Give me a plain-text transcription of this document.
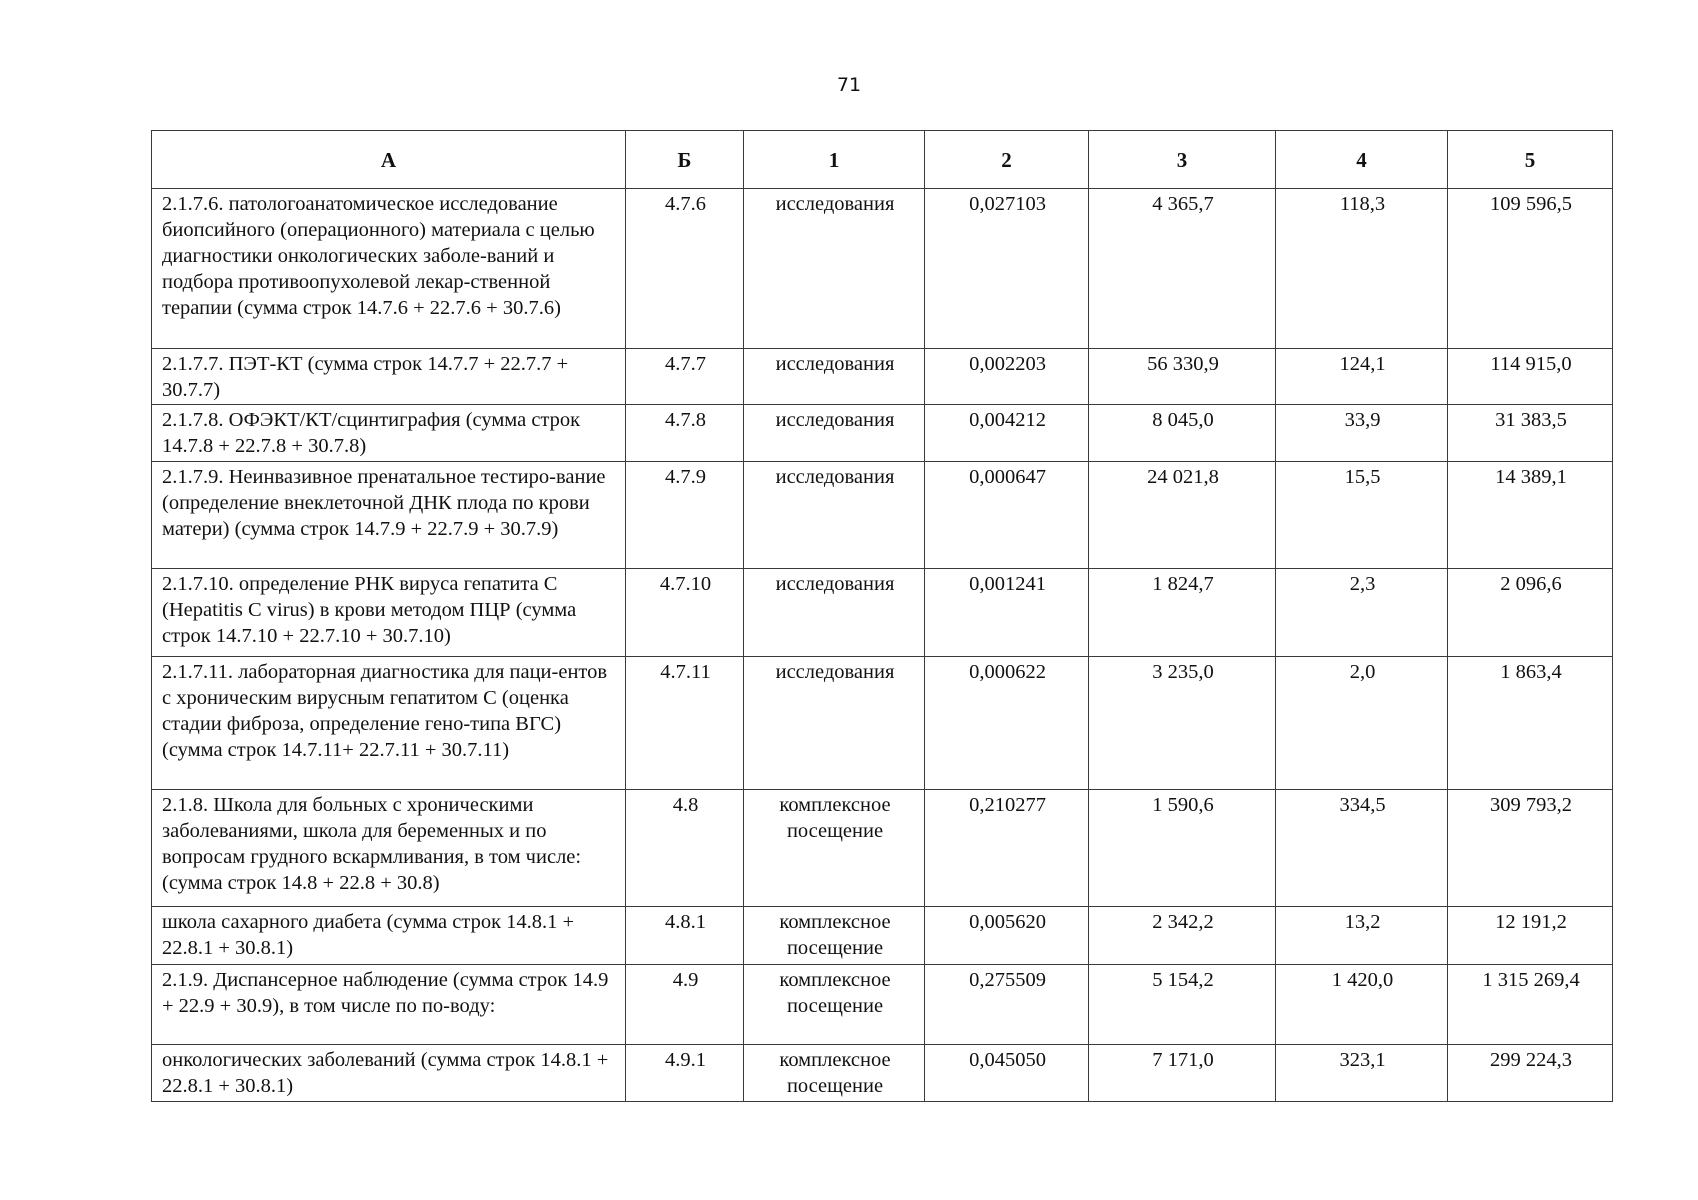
71
А	Б	1	2	3	4	5
2.1.7.6. патологоанатомическое исследование биопсийного (операционного) материала с целью диагностики онкологических заболе-ваний и подбора противоопухолевой лекар-ственной терапии (сумма строк 14.7.6 + 22.7.6 + 30.7.6)	4.7.6	исследования	0,027103	4 365,7	118,3	109 596,5
2.1.7.7. ПЭТ-КТ (сумма строк 14.7.7 + 22.7.7 + 30.7.7)	4.7.7	исследования	0,002203	56 330,9	124,1	114 915,0
2.1.7.8. ОФЭКТ/КТ/сцинтиграфия (сумма строк 14.7.8 + 22.7.8 + 30.7.8)	4.7.8	исследования	0,004212	8 045,0	33,9	31 383,5
2.1.7.9. Неинвазивное пренатальное тестиро-вание (определение внеклеточной ДНК плода по крови матери) (сумма строк 14.7.9 + 22.7.9 + 30.7.9)	4.7.9	исследования	0,000647	24 021,8	15,5	14 389,1
2.1.7.10. определение РНК вируса гепатита С (Hepatitis C virus) в крови методом ПЦР (сумма строк 14.7.10 + 22.7.10 + 30.7.10)	4.7.10	исследования	0,001241	1 824,7	2,3	2 096,6
2.1.7.11. лабораторная диагностика для паци-ентов с хроническим вирусным гепатитом С (оценка стадии фиброза, определение гено-типа ВГС) (сумма строк 14.7.11+ 22.7.11 + 30.7.11)	4.7.11	исследования	0,000622	3 235,0	2,0	1 863,4
2.1.8. Школа для больных с хроническими заболеваниями, школа для беременных и по вопросам грудного вскармливания, в том числе: (сумма строк 14.8 + 22.8 + 30.8)	4.8	комплексное посещение	0,210277	1 590,6	334,5	309 793,2
школа сахарного диабета (сумма строк 14.8.1 + 22.8.1 + 30.8.1)	4.8.1	комплексное посещение	0,005620	2 342,2	13,2	12 191,2
2.1.9. Диспансерное наблюдение (сумма строк 14.9 + 22.9 + 30.9), в том числе по по-воду:	4.9	комплексное посещение	0,275509	5 154,2	1 420,0	1 315 269,4
онкологических заболеваний (сумма строк 14.8.1 + 22.8.1 + 30.8.1)	4.9.1	комплексное посещение	0,045050	7 171,0	323,1	299 224,3
